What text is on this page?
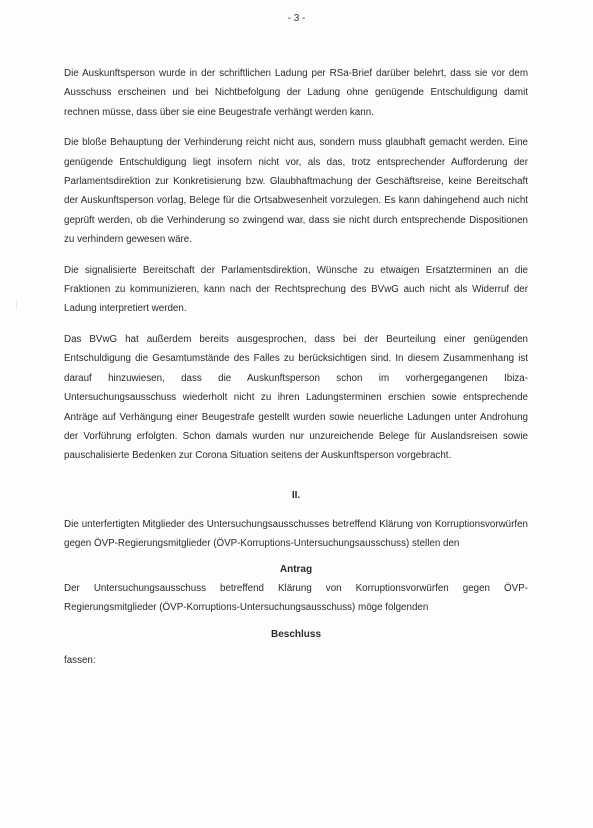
- 3 -

Die Auskunftsperson wurde in der schriftlichen Ladung per RSa-Brief darüber belehrt, dass sie vor dem Ausschuss erscheinen und bei Nichtbefolgung der Ladung ohne genügende Entschuldigung damit rechnen müsse, dass über sie eine Beugestrafe verhängt werden kann.

Die bloße Behauptung der Verhinderung reicht nicht aus, sondern muss glaubhaft gemacht werden. Eine genügende Entschuldigung liegt insofern nicht vor, als das, trotz entsprechender Aufforderung der Parlamentsdirektion zur Konkretisierung bzw. Glaubhaftmachung der Geschäftsreise, keine Bereitschaft der Auskunftsperson vorlag, Belege für die Ortsabwesenheit vorzulegen. Es kann dahingehend auch nicht geprüft werden, ob die Verhinderung so zwingend war, dass sie nicht durch entsprechende Dispositionen zu verhindern gewesen wäre.

Die signalisierte Bereitschaft der Parlamentsdirektion, Wünsche zu etwaigen Ersatzterminen an die Fraktionen zu kommunizieren, kann nach der Rechtsprechung des BVwG auch nicht als Widerruf der Ladung interpretiert werden.

Das BVwG hat außerdem bereits ausgesprochen, dass bei der Beurteilung einer genügenden Entschuldigung die Gesamtumstände des Falles zu berücksichtigen sind. In diesem Zusammenhang ist darauf hinzuwiesen, dass die Auskunftsperson schon im vorhergegangenen Ibiza- Untersuchungsausschuss wiederholt nicht zu ihren Ladungsterminen erschien sowie entsprechende Anträge auf Verhängung einer Beugestrafe gestellt wurden sowie neuerliche Ladungen unter Androhung der Vorführung erfolgten. Schon damals wurden nur unzureichende Belege für Auslandsreisen sowie pauschalisierte Bedenken zur Corona Situation seitens der Auskunftsperson vorgebracht.

II.

Die unterfertigten Mitglieder des Untersuchungsausschusses betreffend Klärung von Korruptionsvorwürfen gegen ÖVP-Regierungsmitglieder (ÖVP-Korruptions-Untersuchungsausschuss) stellen den

Antrag

Der Untersuchungsausschuss betreffend Klärung von Korruptionsvorwürfen gegen ÖVP-Regierungsmitglieder (ÖVP-Korruptions-Untersuchungsausschuss) möge folgenden

Beschluss

fassen:
